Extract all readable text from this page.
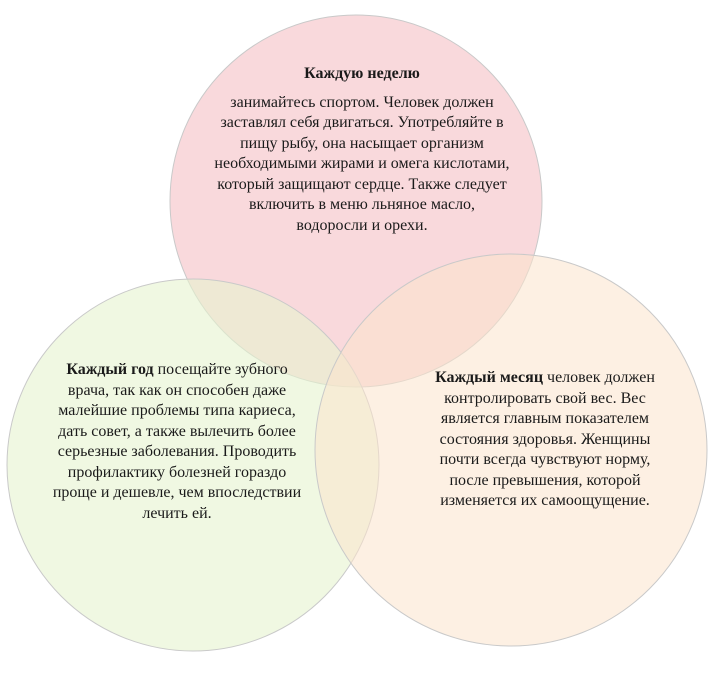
Каждую неделю
занимайтесь спортом. Человек должен заставлял себя двигаться. Употребляйте в пищу рыбу, она насыщает организм необходимыми жирами и омега кислотами, который защищают сердце. Также следует включить в меню льняное масло, водоросли и орехи.
Каждый год посещайте зубного врача, так как он способен даже малейшие проблемы типа кариеса, дать совет, а также вылечить более серьезные заболевания. Проводить профилактику болезней гораздо проще и дешевле, чем впоследствии лечить ей.
Каждый месяц человек должен контролировать свой вес. Вес является главным показателем состояния здоровья. Женщины почти всегда чувствуют норму, после превышения, которой изменяется их самоощущение.
